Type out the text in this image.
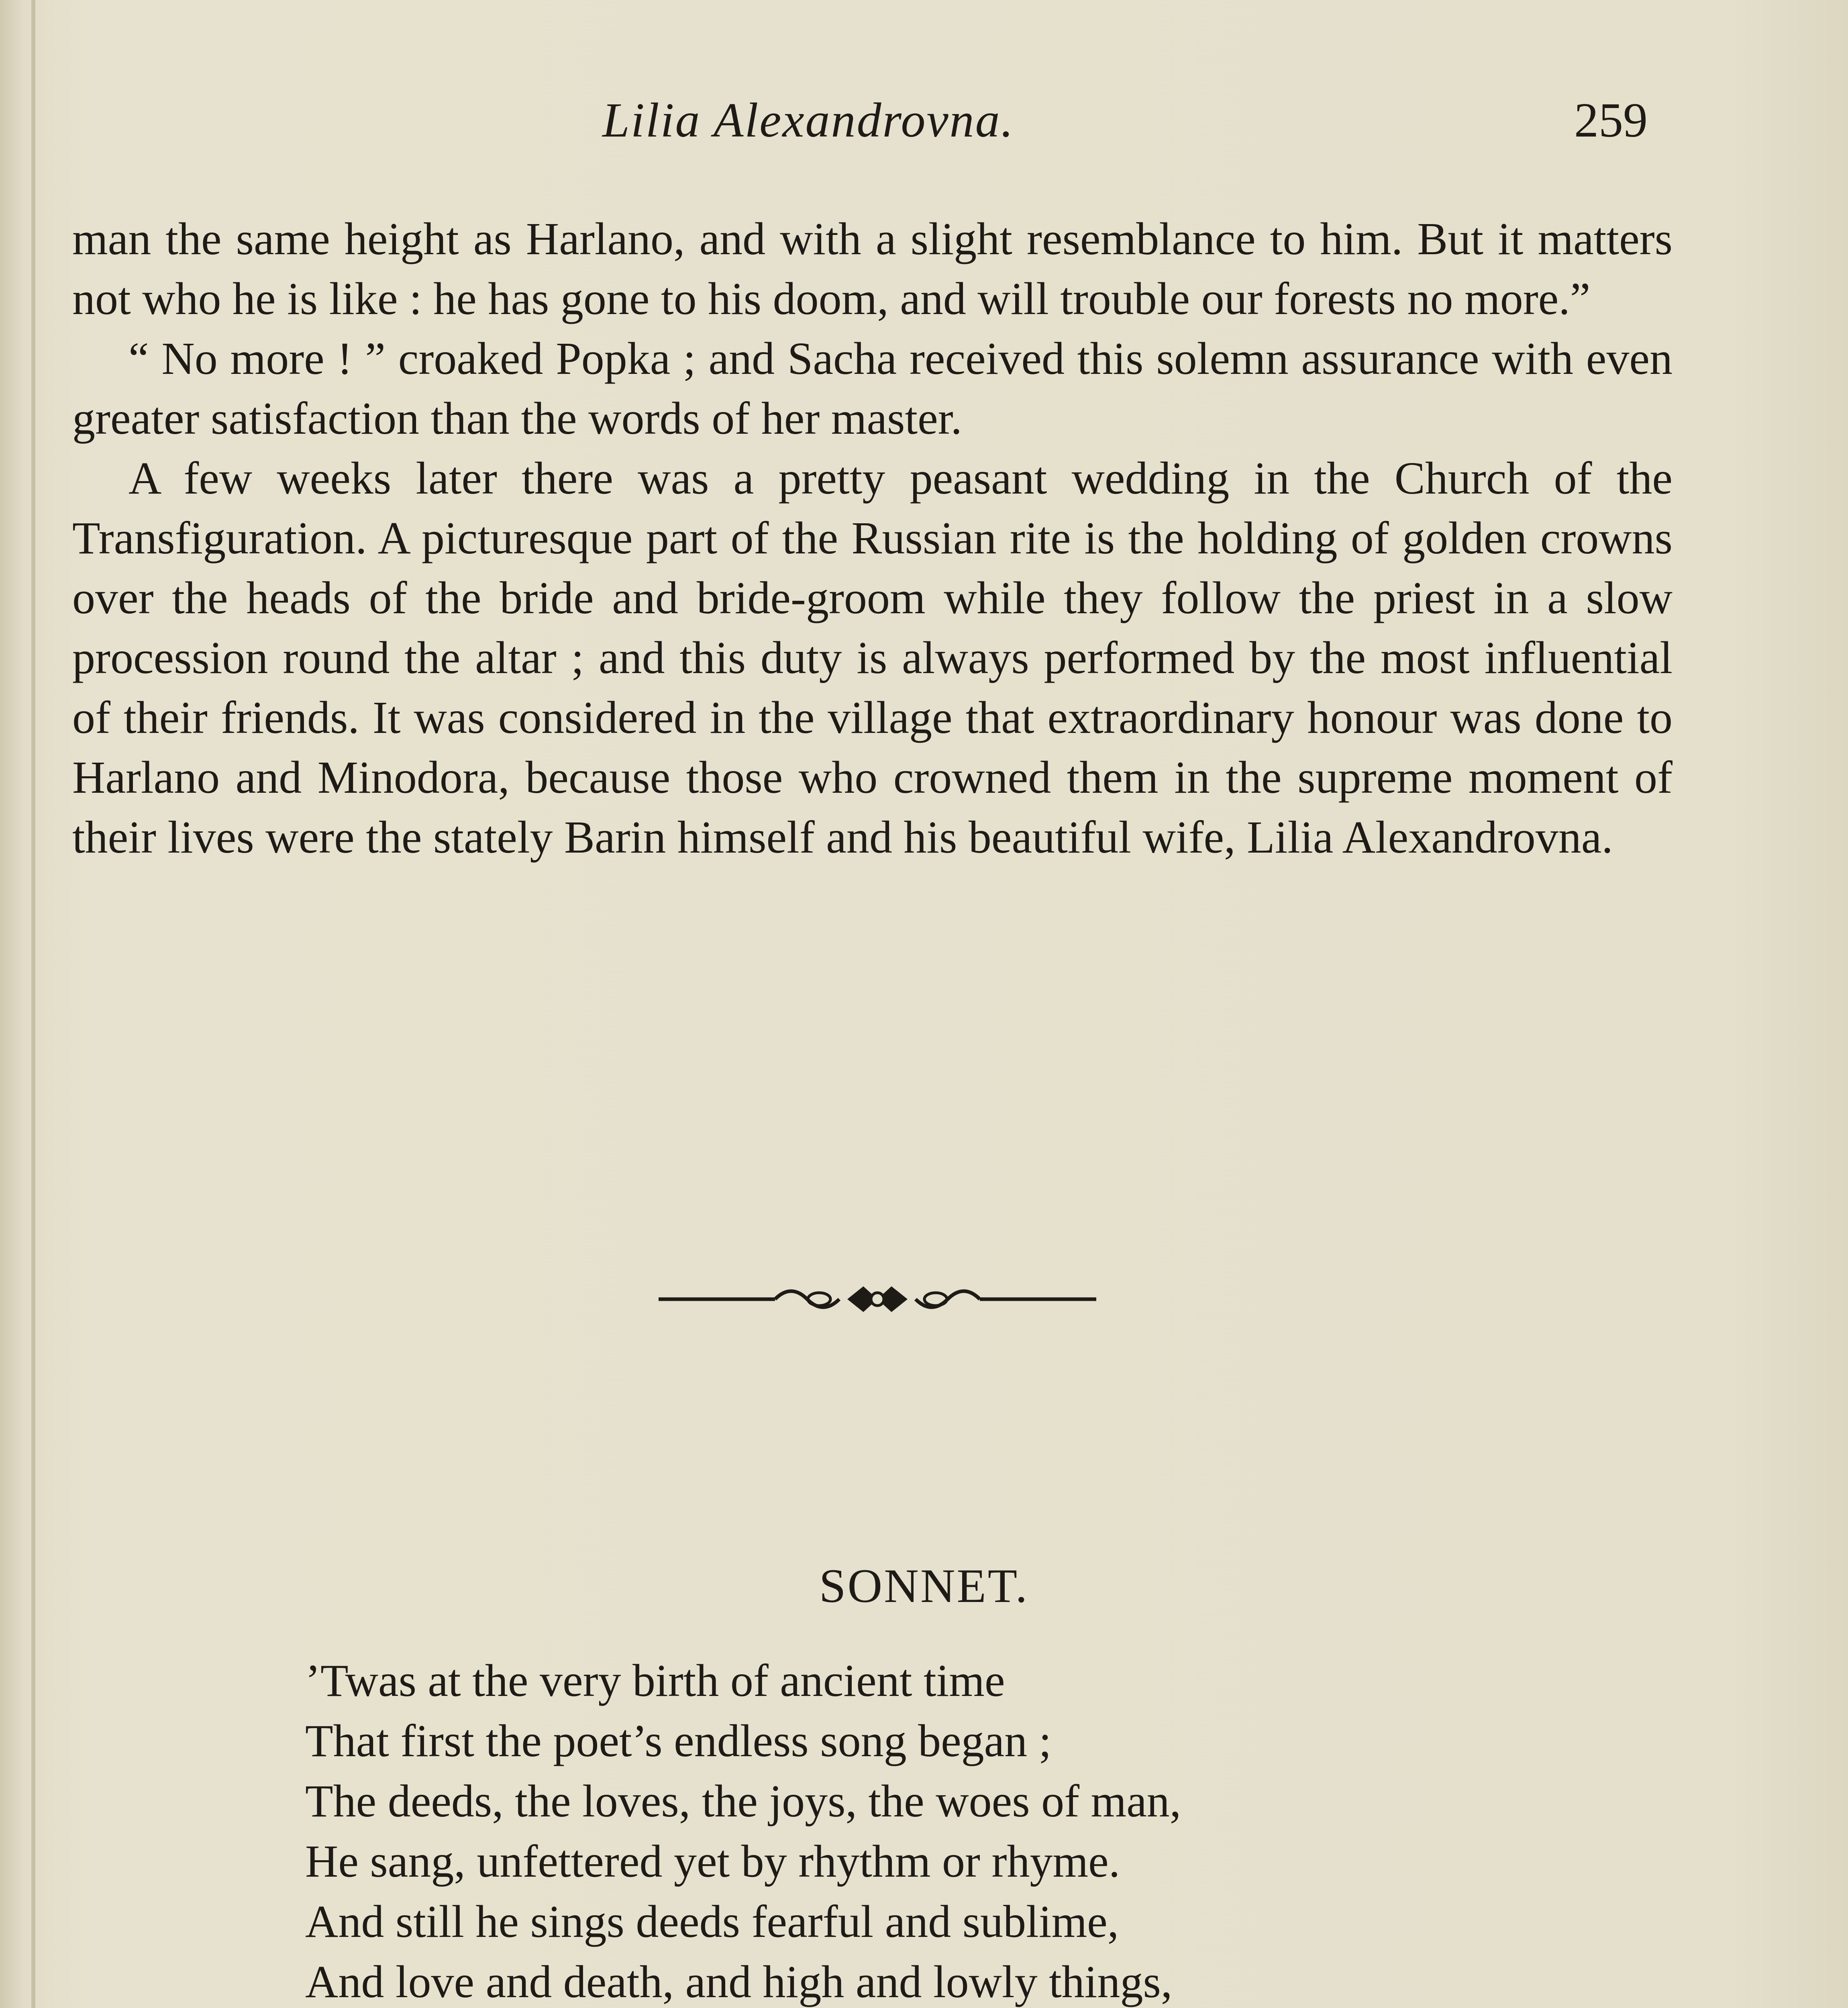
Lilia Alexandrovna.	259

man the same height as Harlano, and with a slight resemblance to him. But it matters not who he is like : he has gone to his doom, and will trouble our forests no more.”

“ No more ! ” croaked Popka ; and Sacha received this solemn assurance with even greater satisfaction than the words of her master.

A few weeks later there was a pretty peasant wedding in the Church of the Transfiguration. A picturesque part of the Russian rite is the holding of golden crowns over the heads of the bride and bride-groom while they follow the priest in a slow procession round the altar ; and this duty is always performed by the most influential of their friends. It was considered in the village that extraordinary honour was done to Harlano and Minodora, because those who crowned them in the supreme moment of their lives were the stately Barin himself and his beautiful wife, Lilia Alexandrovna.

SONNET.
’Twas at the very birth of ancient time
That first the poet’s endless song began ;
The deeds, the loves, the joys, the woes of man,
He sang, unfettered yet by rhythm or rhyme.
And still he sings deeds fearful and sublime,
And love and death, and high and lowly things,
